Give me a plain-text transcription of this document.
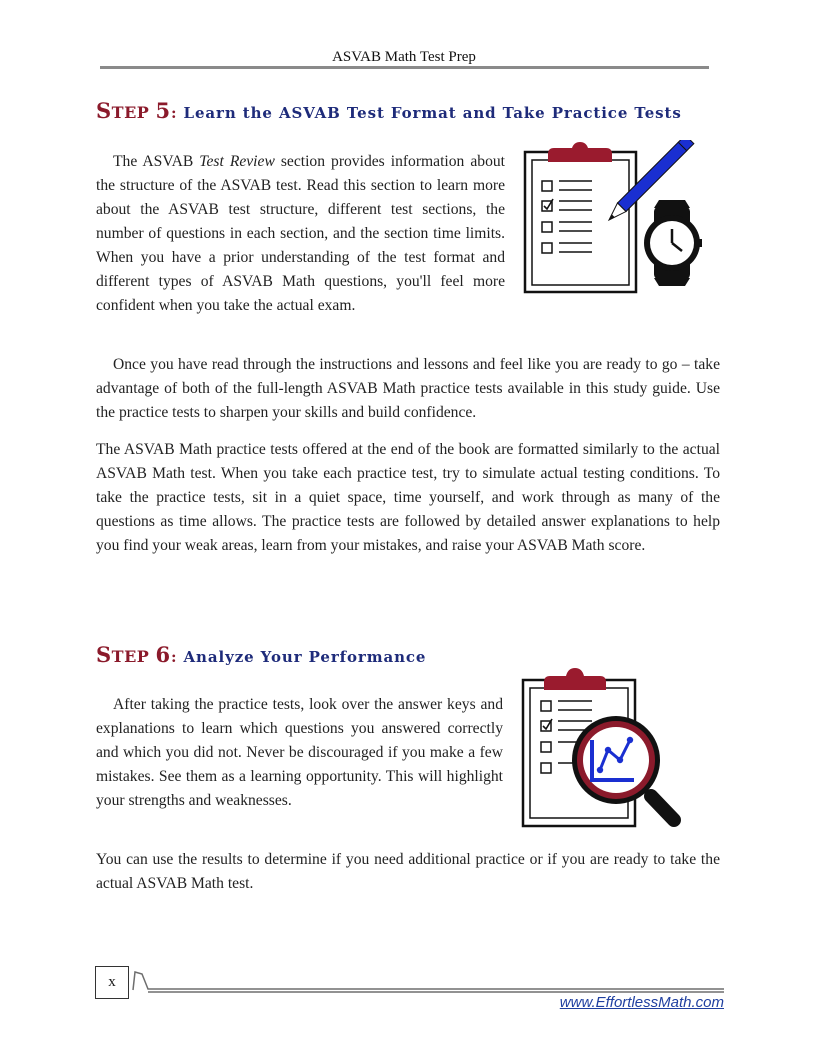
ASVAB Math Test Prep
STEP 5: Learn the ASVAB Test Format and Take Practice Tests

The ASVAB Test Review section provides information about the structure of the ASVAB test. Read this section to learn more about the ASVAB test structure, different test sections, the number of questions in each section, and the section time limits. When you have a prior understanding of the test format and different types of ASVAB Math questions, you'll feel more confident when you take the actual exam.

Once you have read through the instructions and lessons and feel like you are ready to go – take advantage of both of the full-length ASVAB Math practice tests available in this study guide. Use the practice tests to sharpen your skills and build confidence.

The ASVAB Math practice tests offered at the end of the book are formatted similarly to the actual ASVAB Math test. When you take each practice test, try to simulate actual testing conditions. To take the practice tests, sit in a quiet space, time yourself, and work through as many of the questions as time allows. The practice tests are followed by detailed answer explanations to help you find your weak areas, learn from your mistakes, and raise your ASVAB Math score.

STEP 6: Analyze Your Performance

After taking the practice tests, look over the answer keys and explanations to learn which questions you answered correctly and which you did not. Never be discouraged if you make a few mistakes. See them as a learning opportunity. This will highlight your strengths and weaknesses.

You can use the results to determine if you need additional practice or if you are ready to take the actual ASVAB Math test.

x
www.EffortlessMath.com
